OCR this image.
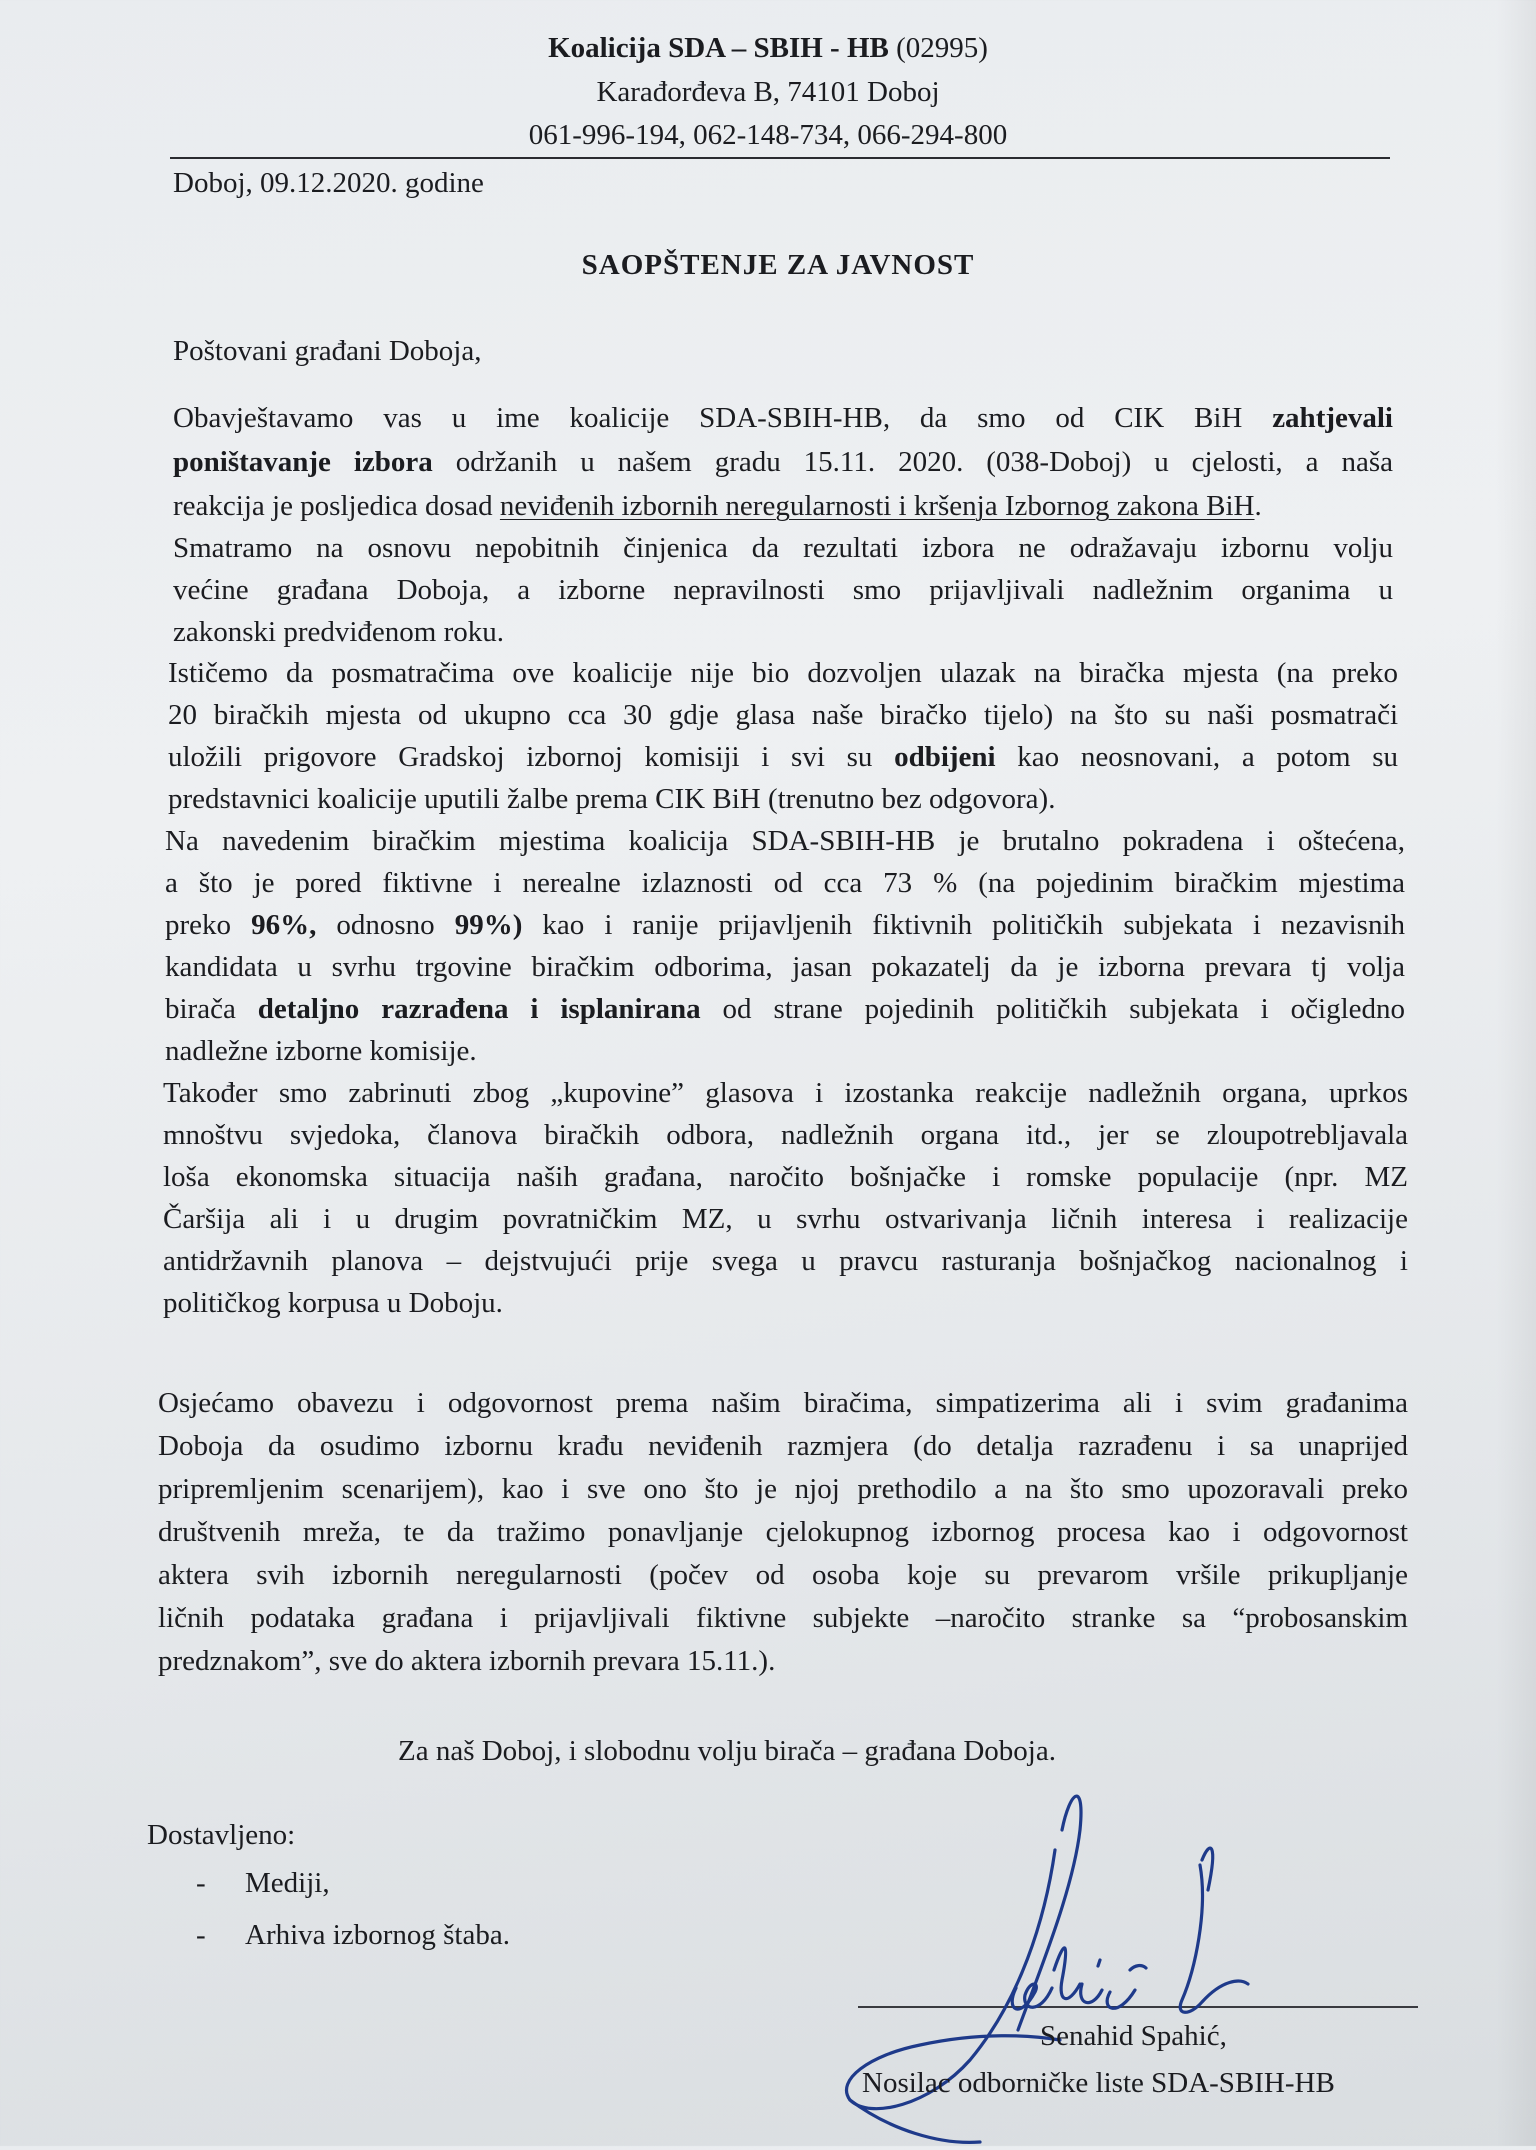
Koalicija SDA – SBIH - HB (02995)
Karađorđeva B, 74101 Doboj
061-996-194, 062-148-734, 066-294-800
Doboj, 09.12.2020. godine
SAOPŠTENJE ZA JAVNOST
Poštovani građani Doboja,
Obavještavamo vas u ime koalicije SDA-SBIH-HB, da smo od CIK BiH zahtjevali
poništavanje izbora održanih u našem gradu 15.11. 2020. (038-Doboj) u cjelosti, a naša
reakcija je posljedica dosad neviđenih izbornih neregularnosti i kršenja Izbornog zakona BiH.
Smatramo na osnovu nepobitnih činjenica da rezultati izbora ne odražavaju izbornu volju
većine građana Doboja, a izborne nepravilnosti smo prijavljivali nadležnim organima u
zakonski predviđenom roku.
Ističemo da posmatračima ove koalicije nije bio dozvoljen ulazak na biračka mjesta (na preko
20 biračkih mjesta od ukupno cca 30 gdje glasa naše biračko tijelo) na što su naši posmatrači
uložili prigovore Gradskoj izbornoj komisiji i svi su odbijeni kao neosnovani, a potom su
predstavnici koalicije uputili žalbe prema CIK BiH (trenutno bez odgovora).
Na navedenim biračkim mjestima koalicija SDA-SBIH-HB je brutalno pokradena i oštećena,
a što je pored fiktivne i nerealne izlaznosti od cca 73 % (na pojedinim biračkim mjestima
preko 96%, odnosno 99%) kao i ranije prijavljenih fiktivnih političkih subjekata i nezavisnih
kandidata u svrhu trgovine biračkim odborima, jasan pokazatelj da je izborna prevara tj volja
birača detaljno razrađena i isplanirana od strane pojedinih političkih subjekata i očigledno
nadležne izborne komisije.
Također smo zabrinuti zbog „kupovine” glasova i izostanka reakcije nadležnih organa, uprkos
mnoštvu svjedoka, članova biračkih odbora, nadležnih organa itd., jer se zloupotrebljavala
loša ekonomska situacija naših građana, naročito bošnjačke i romske populacije (npr. MZ
Čaršija ali i u drugim povratničkim MZ, u svrhu ostvarivanja ličnih interesa i realizacije
antidržavnih planova – dejstvujući prije svega u pravcu rasturanja bošnjačkog nacionalnog i
političkog korpusa u Doboju.
Osjećamo obavezu i odgovornost prema našim biračima, simpatizerima ali i svim građanima
Doboja da osudimo izbornu krađu neviđenih razmjera (do detalja razrađenu i sa unaprijed
pripremljenim scenarijem), kao i sve ono što je njoj prethodilo a na što smo upozoravali preko
društvenih mreža, te da tražimo ponavljanje cjelokupnog izbornog procesa kao i odgovornost
aktera svih izbornih neregularnosti (počev od osoba koje su prevarom vršile prikupljanje
ličnih podataka građana i prijavljivali fiktivne subjekte –naročito stranke sa “probosanskim
predznakom”, sve do aktera izbornih prevara 15.11.).
Za naš Doboj, i slobodnu volju birača – građana Doboja.
Dostavljeno:
- Mediji,
- Arhiva izbornog štaba.
Senahid Spahić,
Nosilac odborničke liste SDA-SBIH-HB
